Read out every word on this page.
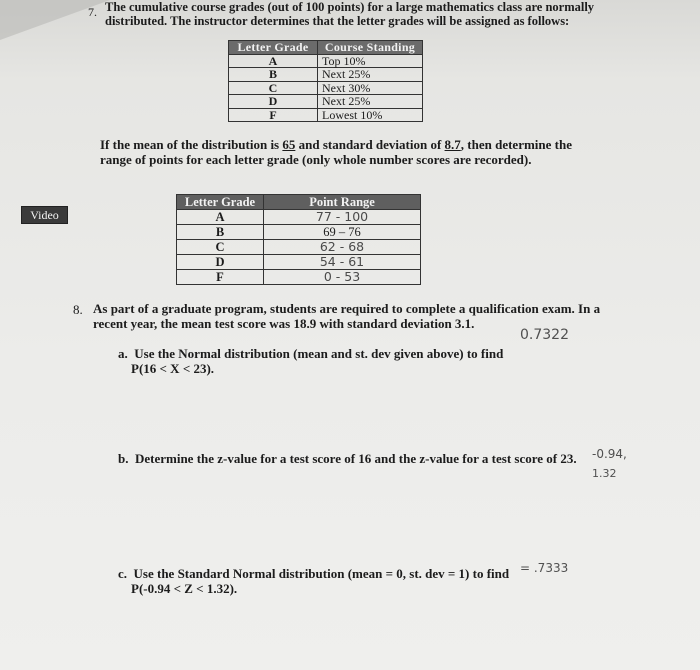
7. The cumulative course grades (out of 100 points) for a large mathematics class are normally distributed. The instructor determines that the letter grades will be assigned as follows:
Letter Grade	Course Standing
A	Top 10%
B	Next 25%
C	Next 30%
D	Next 25%
F	Lowest 10%
If the mean of the distribution is 65 and standard deviation of 8.7, then determine the range of points for each letter grade (only whole number scores are recorded).
Video
Letter Grade	Point Range
A	77 - 100
B	69 – 76
C	62 - 68
D	54 - 61
F	0 - 53
8. As part of a graduate program, students are required to complete a qualification exam. In a recent year, the mean test score was 18.9 with standard deviation 3.1.
0.7322
a. Use the Normal distribution (mean and st. dev given above) to find
P(16 < X < 23).
b. Determine the z-value for a test score of 16 and the z-value for a test score of 23.	-0.94,
1.32
c. Use the Standard Normal distribution (mean = 0, st. dev = 1) to find
P(-0.94 < Z < 1.32).
= .7333
